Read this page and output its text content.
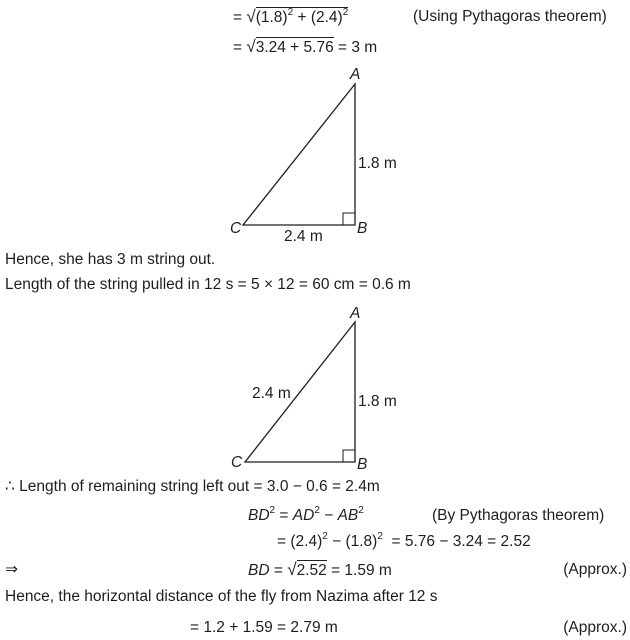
= $√(1.8)^2 + (2.4)^2$	(Using Pythagoras theorem)
= √3.24 + 5.76 = 3 m
A
1.8 m
C	B
2.4 m
A
2.4 m	1.8 m
C	B
Hence, she has 3 m string out.
Length of the string pulled in 12 s = 5 × 12 = 60 cm = 0.6 m
∴ Length of remaining string left out = 3.0 − 0.6 = 2.4m
$BD^2 = AD^2 - AB^2$	(By Pythagoras theorem)
= $(2.4)^2 - (1.8)^2 = 5.76 - 3.24 = 2.52$
⇒	BD = √2.52 = 1.59 m	(Approx.)
Hence, the horizontal distance of the fly from Nazima after 12 s
= 1.2 + 1.59 = 2.79 m	(Approx.)
